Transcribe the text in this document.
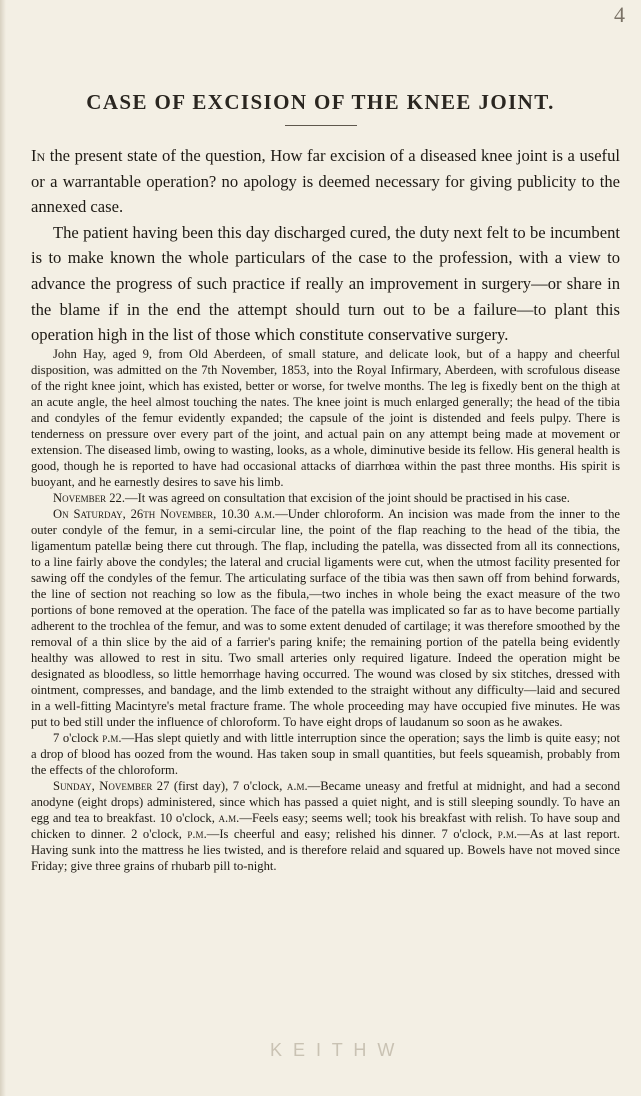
4
CASE OF EXCISION OF THE KNEE JOINT.

In the present state of the question, How far excision of a diseased knee joint is a useful or a warrantable operation? no apology is deemed necessary for giving publicity to the annexed case.

The patient having been this day discharged cured, the duty next felt to be incumbent is to make known the whole particulars of the case to the profession, with a view to advance the progress of such practice if really an improvement in surgery—or share in the blame if in the end the attempt should turn out to be a failure—to plant this operation high in the list of those which constitute conservative surgery.

John Hay, aged 9, from Old Aberdeen, of small stature, and delicate look, but of a happy and cheerful disposition, was admitted on the 7th November, 1853, into the Royal Infirmary, Aberdeen, with scrofulous disease of the right knee joint, which has existed, better or worse, for twelve months. The leg is fixedly bent on the thigh at an acute angle, the heel almost touching the nates. The knee joint is much enlarged generally; the head of the tibia and condyles of the femur evidently expanded; the capsule of the joint is distended and feels pulpy. There is tenderness on pressure over every part of the joint, and actual pain on any attempt being made at movement or extension. The diseased limb, owing to wasting, looks, as a whole, diminutive beside its fellow. His general health is good, though he is reported to have had occasional attacks of diarrhœa within the past three months. His spirit is buoyant, and he earnestly desires to save his limb.

November 22.—It was agreed on consultation that excision of the joint should be practised in his case.

On Saturday, 26th November, 10.30 a.m.—Under chloroform. An incision was made from the inner to the outer condyle of the femur, in a semi-circular line, the point of the flap reaching to the head of the tibia, the ligamentum patellæ being there cut through. The flap, including the patella, was dissected from all its connections, to a line fairly above the condyles; the lateral and crucial ligaments were cut, when the utmost facility presented for sawing off the condyles of the femur. The articulating surface of the tibia was then sawn off from behind forwards, the line of section not reaching so low as the fibula,—two inches in whole being the exact measure of the two portions of bone removed at the operation. The face of the patella was implicated so far as to have become partially adherent to the trochlea of the femur, and was to some extent denuded of cartilage; it was therefore smoothed by the removal of a thin slice by the aid of a farrier's paring knife; the remaining portion of the patella being evidently healthy was allowed to rest in situ. Two small arteries only required ligature. Indeed the operation might be designated as bloodless, so little hemorrhage having occurred. The wound was closed by six stitches, dressed with ointment, compresses, and bandage, and the limb extended to the straight without any difficulty—laid and secured in a well-fitting Macintyre's metal fracture frame. The whole proceeding may have occupied five minutes. He was put to bed still under the influence of chloroform. To have eight drops of laudanum so soon as he awakes.

7 o'clock p.m.—Has slept quietly and with little interruption since the operation; says the limb is quite easy; not a drop of blood has oozed from the wound. Has taken soup in small quantities, but feels squeamish, probably from the effects of the chloroform.

Sunday, November 27 (first day), 7 o'clock, a.m.—Became uneasy and fretful at midnight, and had a second anodyne (eight drops) administered, since which has passed a quiet night, and is still sleeping soundly. To have an egg and tea to breakfast. 10 o'clock, a.m.—Feels easy; seems well; took his breakfast with relish. To have soup and chicken to dinner. 2 o'clock, p.m.—Is cheerful and easy; relished his dinner. 7 o'clock, p.m.—As at last report. Having sunk into the mattress he lies twisted, and is therefore relaid and squared up. Bowels have not moved since Friday; give three grains of rhubarb pill to-night.

K E I T H W
